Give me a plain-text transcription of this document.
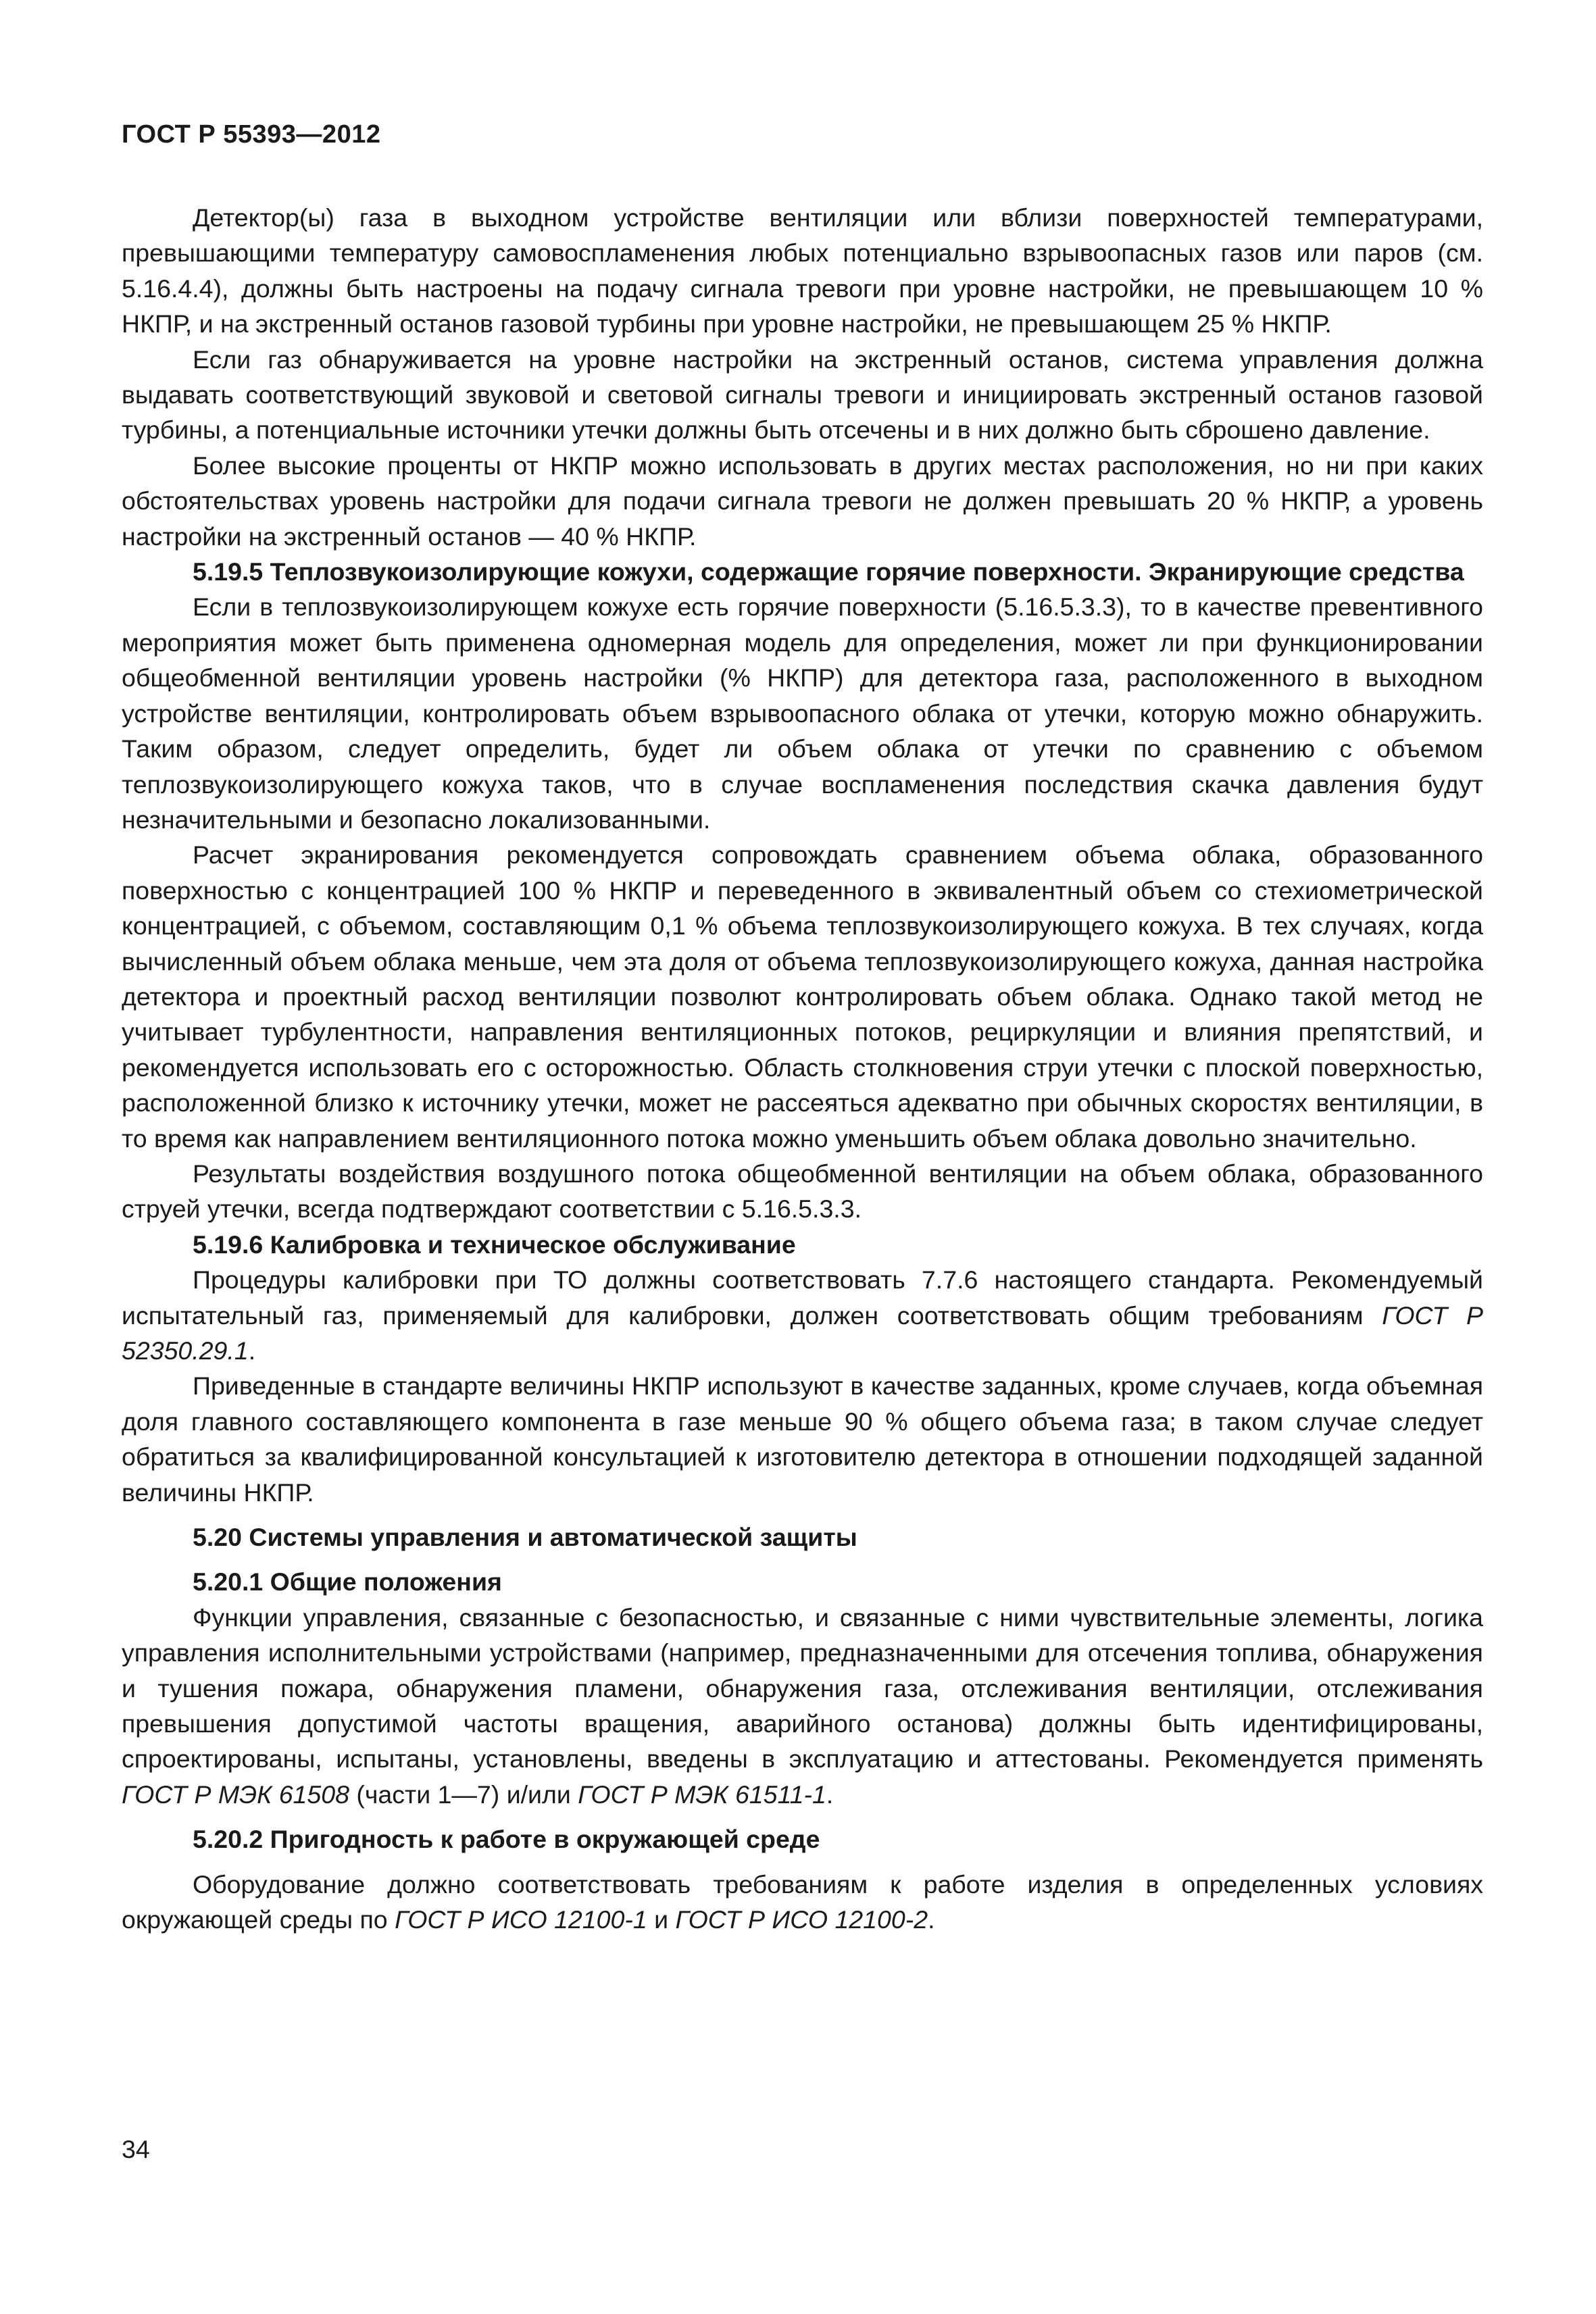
ГОСТ Р 55393—2012

Детектор(ы) газа в выходном устройстве вентиляции или вблизи поверхностей температурами, превышающими температуру самовоспламенения любых потенциально взрывоопасных газов или паров (см. 5.16.4.4), должны быть настроены на подачу сигнала тревоги при уровне настройки, не превышающем 10 % НКПР, и на экстренный останов газовой турбины при уровне настройки, не превышающем 25 % НКПР.

Если газ обнаруживается на уровне настройки на экстренный останов, система управления должна выдавать соответствующий звуковой и световой сигналы тревоги и инициировать экстренный останов газовой турбины, а потенциальные источники утечки должны быть отсечены и в них должно быть сброшено давление.

Более высокие проценты от НКПР можно использовать в других местах расположения, но ни при каких обстоятельствах уровень настройки для подачи сигнала тревоги не должен превышать 20 % НКПР, а уровень настройки на экстренный останов — 40 % НКПР.

5.19.5 Теплозвукоизолирующие кожухи, содержащие горячие поверхности. Экранирующие средства

Если в теплозвукоизолирующем кожухе есть горячие поверхности (5.16.5.3.3), то в качестве превентивного мероприятия может быть применена одномерная модель для определения, может ли при функционировании общеобменной вентиляции уровень настройки (% НКПР) для детектора газа, расположенного в выходном устройстве вентиляции, контролировать объем взрывоопасного облака от утечки, которую можно обнаружить. Таким образом, следует определить, будет ли объем облака от утечки по сравнению с объемом теплозвукоизолирующего кожуха таков, что в случае воспламенения последствия скачка давления будут незначительными и безопасно локализованными.

Расчет экранирования рекомендуется сопровождать сравнением объема облака, образованного поверхностью с концентрацией 100 % НКПР и переведенного в эквивалентный объем со стехиометрической концентрацией, с объемом, составляющим 0,1 % объема теплозвукоизолирующего кожуха. В тех случаях, когда вычисленный объем облака меньше, чем эта доля от объема теплозвукоизолирующего кожуха, данная настройка детектора и проектный расход вентиляции позволют контролировать объем облака. Однако такой метод не учитывает турбулентности, направления вентиляционных потоков, рециркуляции и влияния препятствий, и рекомендуется использовать его с осторожностью. Область столкновения струи утечки с плоской поверхностью, расположенной близко к источнику утечки, может не рассеяться адекватно при обычных скоростях вентиляции, в то время как направлением вентиляционного потока можно уменьшить объем облака довольно значительно.

Результаты воздействия воздушного потока общеобменной вентиляции на объем облака, образованного струей утечки, всегда подтверждают соответствии с 5.16.5.3.3.

5.19.6 Калибровка и техническое обслуживание

Процедуры калибровки при ТО должны соответствовать 7.7.6 настоящего стандарта. Рекомендуемый испытательный газ, применяемый для калибровки, должен соответствовать общим требованиям ГОСТ Р 52350.29.1.

Приведенные в стандарте величины НКПР используют в качестве заданных, кроме случаев, когда объемная доля главного составляющего компонента в газе меньше 90 % общего объема газа; в таком случае следует обратиться за квалифицированной консультацией к изготовителю детектора в отношении подходящей заданной величины НКПР.

5.20 Системы управления и автоматической защиты

5.20.1 Общие положения

Функции управления, связанные с безопасностью, и связанные с ними чувствительные элементы, логика управления исполнительными устройствами (например, предназначенными для отсечения топлива, обнаружения и тушения пожара, обнаружения пламени, обнаружения газа, отслеживания вентиляции, отслеживания превышения допустимой частоты вращения, аварийного останова) должны быть идентифицированы, спроектированы, испытаны, установлены, введены в эксплуатацию и аттестованы. Рекомендуется применять ГОСТ Р МЭК 61508 (части 1—7) и/или ГОСТ Р МЭК 61511-1.

5.20.2 Пригодность к работе в окружающей среде

Оборудование должно соответствовать требованиям к работе изделия в определенных условиях окружающей среды по ГОСТ Р ИСО 12100-1 и ГОСТ Р ИСО 12100-2.

34
